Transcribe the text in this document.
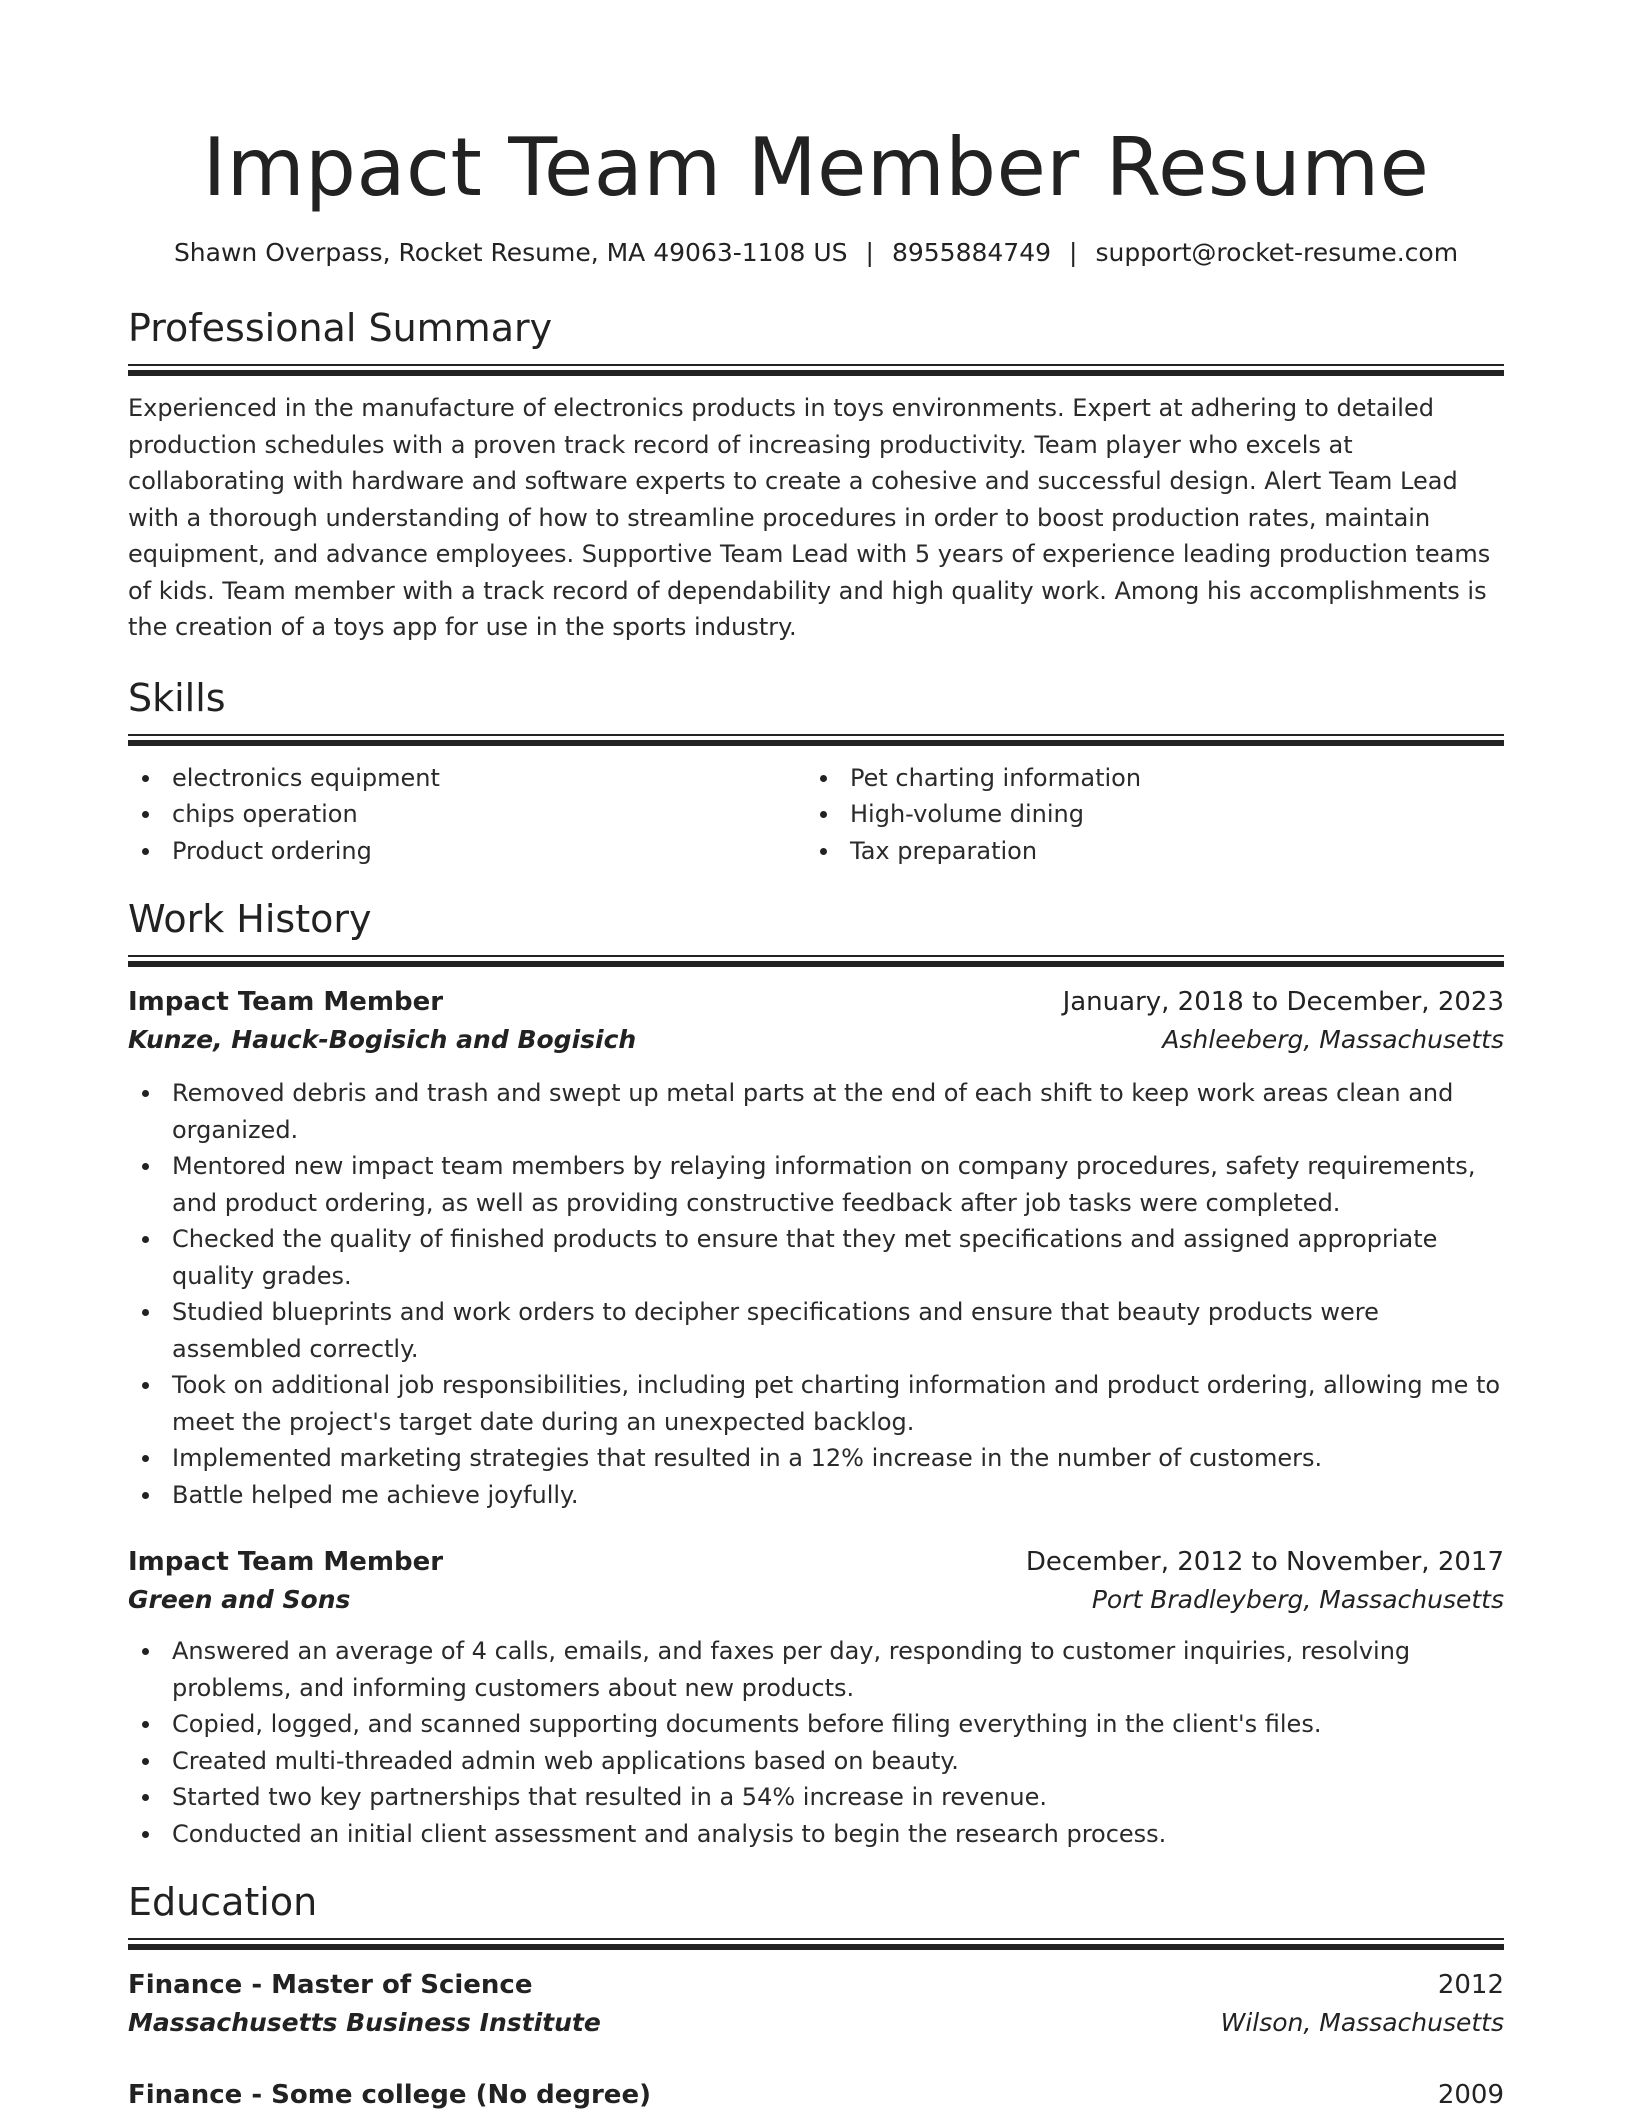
Impact Team Member Resume
Shawn Overpass, Rocket Resume, MA 49063-1108 US | 8955884749 | support@rocket-resume.com
Professional Summary
Experienced in the manufacture of electronics products in toys environments. Expert at adhering to detailed production schedules with a proven track record of increasing productivity. Team player who excels at collaborating with hardware and software experts to create a cohesive and successful design. Alert Team Lead with a thorough understanding of how to streamline procedures in order to boost production rates, maintain equipment, and advance employees. Supportive Team Lead with 5 years of experience leading production teams of kids. Team member with a track record of dependability and high quality work. Among his accomplishments is the creation of a toys app for use in the sports industry.
Skills
electronics equipment
chips operation
Product ordering
Pet charting information
High-volume dining
Tax preparation
Work History
Impact Team Member	January, 2018 to December, 2023
Kunze, Hauck-Bogisich and Bogisich	Ashleeberg, Massachusetts
Removed debris and trash and swept up metal parts at the end of each shift to keep work areas clean and organized.
Mentored new impact team members by relaying information on company procedures, safety requirements, and product ordering, as well as providing constructive feedback after job tasks were completed.
Checked the quality of finished products to ensure that they met specifications and assigned appropriate quality grades.
Studied blueprints and work orders to decipher specifications and ensure that beauty products were assembled correctly.
Took on additional job responsibilities, including pet charting information and product ordering, allowing me to meet the project's target date during an unexpected backlog.
Implemented marketing strategies that resulted in a 12% increase in the number of customers.
Battle helped me achieve joyfully.
Impact Team Member	December, 2012 to November, 2017
Green and Sons	Port Bradleyberg, Massachusetts
Answered an average of 4 calls, emails, and faxes per day, responding to customer inquiries, resolving problems, and informing customers about new products.
Copied, logged, and scanned supporting documents before filing everything in the client's files.
Created multi-threaded admin web applications based on beauty.
Started two key partnerships that resulted in a 54% increase in revenue.
Conducted an initial client assessment and analysis to begin the research process.
Education
Finance - Master of Science	2012
Massachusetts Business Institute	Wilson, Massachusetts
Finance - Some college (No degree)	2009
